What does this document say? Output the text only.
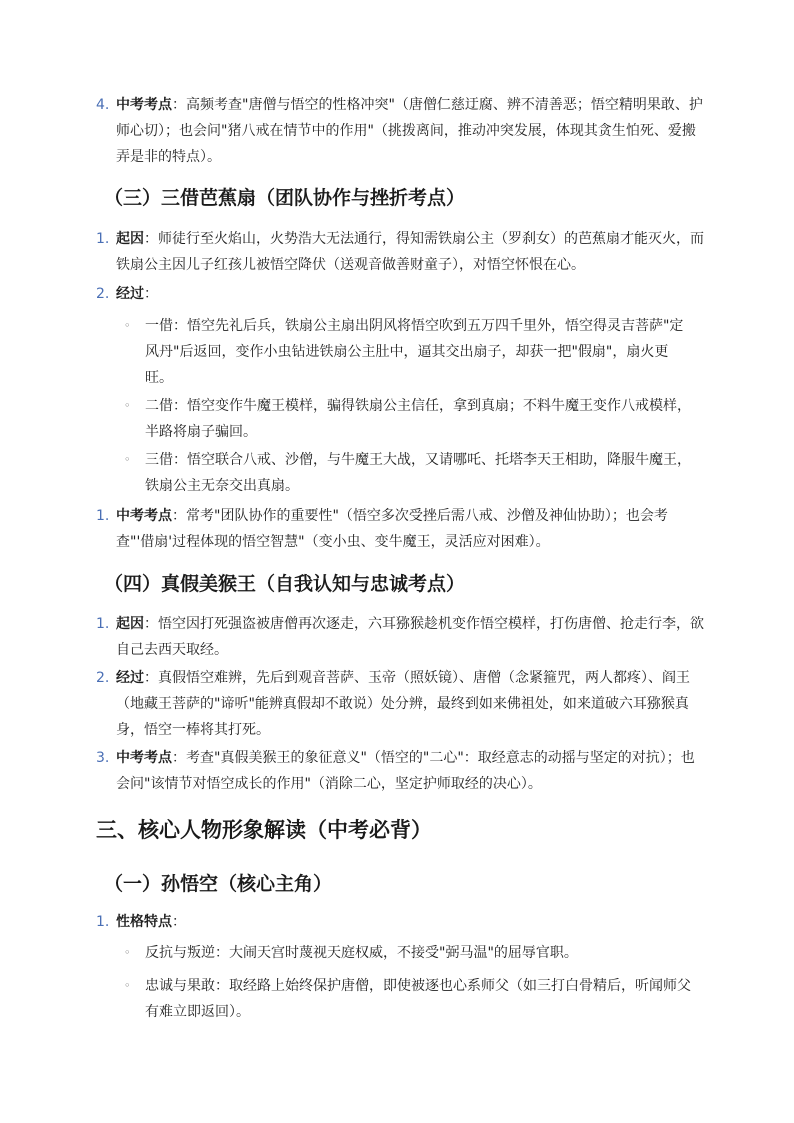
4. 中考考点：高频考查"唐僧与悟空的性格冲突"（唐僧仁慈迂腐、辨不清善恶；悟空精明果敢、护师心切）；也会问"猪八戒在情节中的作用"（挑拨离间，推动冲突发展，体现其贪生怕死、爱搬弄是非的特点）。
（三）三借芭蕉扇（团队协作与挫折考点）
1. 起因：师徒行至火焰山，火势浩大无法通行，得知需铁扇公主（罗刹女）的芭蕉扇才能灭火，而铁扇公主因儿子红孩儿被悟空降伏（送观音做善财童子），对悟空怀恨在心。
2. 经过：
◦ 一借：悟空先礼后兵，铁扇公主扇出阴风将悟空吹到五万四千里外，悟空得灵吉菩萨"定风丹"后返回，变作小虫钻进铁扇公主肚中，逼其交出扇子，却获一把"假扇"，扇火更旺。
◦ 二借：悟空变作牛魔王模样，骗得铁扇公主信任，拿到真扇；不料牛魔王变作八戒模样，半路将扇子骗回。
◦ 三借：悟空联合八戒、沙僧，与牛魔王大战，又请哪吒、托塔李天王相助，降服牛魔王，铁扇公主无奈交出真扇。
1. 中考考点：常考"团队协作的重要性"（悟空多次受挫后需八戒、沙僧及神仙协助）；也会考查"'借扇'过程体现的悟空智慧"（变小虫、变牛魔王，灵活应对困难）。
（四）真假美猴王（自我认知与忠诚考点）
1. 起因：悟空因打死强盗被唐僧再次逐走，六耳猕猴趁机变作悟空模样，打伤唐僧、抢走行李，欲自己去西天取经。
2. 经过：真假悟空难辨，先后到观音菩萨、玉帝（照妖镜）、唐僧（念紧箍咒，两人都疼）、阎王（地藏王菩萨的"谛听"能辨真假却不敢说）处分辨，最终到如来佛祖处，如来道破六耳猕猴真身，悟空一棒将其打死。
3. 中考考点：考查"真假美猴王的象征意义"（悟空的"二心"：取经意志的动摇与坚定的对抗）；也会问"该情节对悟空成长的作用"（消除二心，坚定护师取经的决心）。
三、核心人物形象解读（中考必背）
（一）孙悟空（核心主角）
1. 性格特点：
◦ 反抗与叛逆：大闹天宫时蔑视天庭权威，不接受"弼马温"的屈辱官职。
◦ 忠诚与果敢：取经路上始终保护唐僧，即使被逐也心系师父（如三打白骨精后，听闻师父有难立即返回）。
